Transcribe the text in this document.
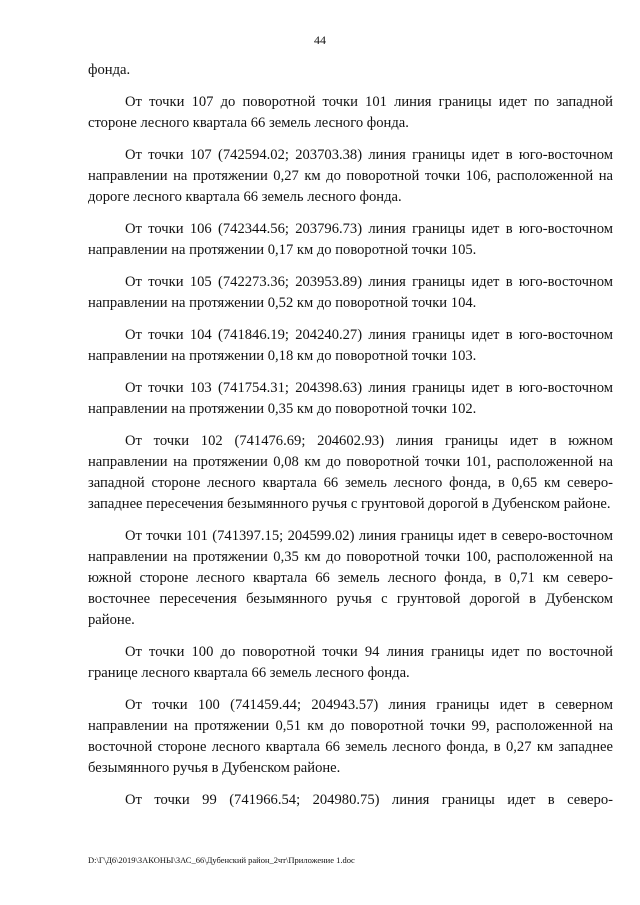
44

фонда.

От точки 107 до поворотной точки 101 линия границы идет по западной стороне лесного квартала 66 земель лесного фонда.

От точки 107 (742594.02; 203703.38) линия границы идет в юго-восточном направлении на протяжении 0,27 км до поворотной точки 106, расположенной на дороге лесного квартала 66 земель лесного фонда.

От точки 106 (742344.56; 203796.73) линия границы идет в юго-восточном направлении на протяжении 0,17 км до поворотной точки 105.

От точки 105 (742273.36; 203953.89) линия границы идет в юго-восточном направлении на протяжении 0,52 км до поворотной точки 104.

От точки 104 (741846.19; 204240.27) линия границы идет в юго-восточном направлении на протяжении 0,18 км до поворотной точки 103.

От точки 103 (741754.31; 204398.63) линия границы идет в юго-восточном направлении на протяжении 0,35 км до поворотной точки 102.

От точки 102 (741476.69; 204602.93) линия границы идет в южном направлении на протяжении 0,08 км до поворотной точки 101, расположенной на западной стороне лесного квартала 66 земель лесного фонда, в 0,65 км северо-западнее пересечения безымянного ручья с грунтовой дорогой в Дубенском районе.

От точки 101 (741397.15; 204599.02) линия границы идет в северо-восточном направлении на протяжении 0,35 км до поворотной точки 100, расположенной на южной стороне лесного квартала 66 земель лесного фонда, в 0,71 км северо-восточнее пересечения безымянного ручья с грунтовой дорогой в Дубенском районе.

От точки 100 до поворотной точки 94 линия границы идет по восточной границе лесного квартала 66 земель лесного фонда.

От точки 100 (741459.44; 204943.57) линия границы идет в северном направлении на протяжении 0,51 км до поворотной точки 99, расположенной на восточной стороне лесного квартала 66 земель лесного фонда, в 0,27 км западнее безымянного ручья в Дубенском районе.

От точки 99 (741966.54; 204980.75) линия границы идет в северо-

D:\Г\Д6\2019\ЗАКОНЫ\ЗАС_66\Дубенский район_2чт\Приложение 1.doc
